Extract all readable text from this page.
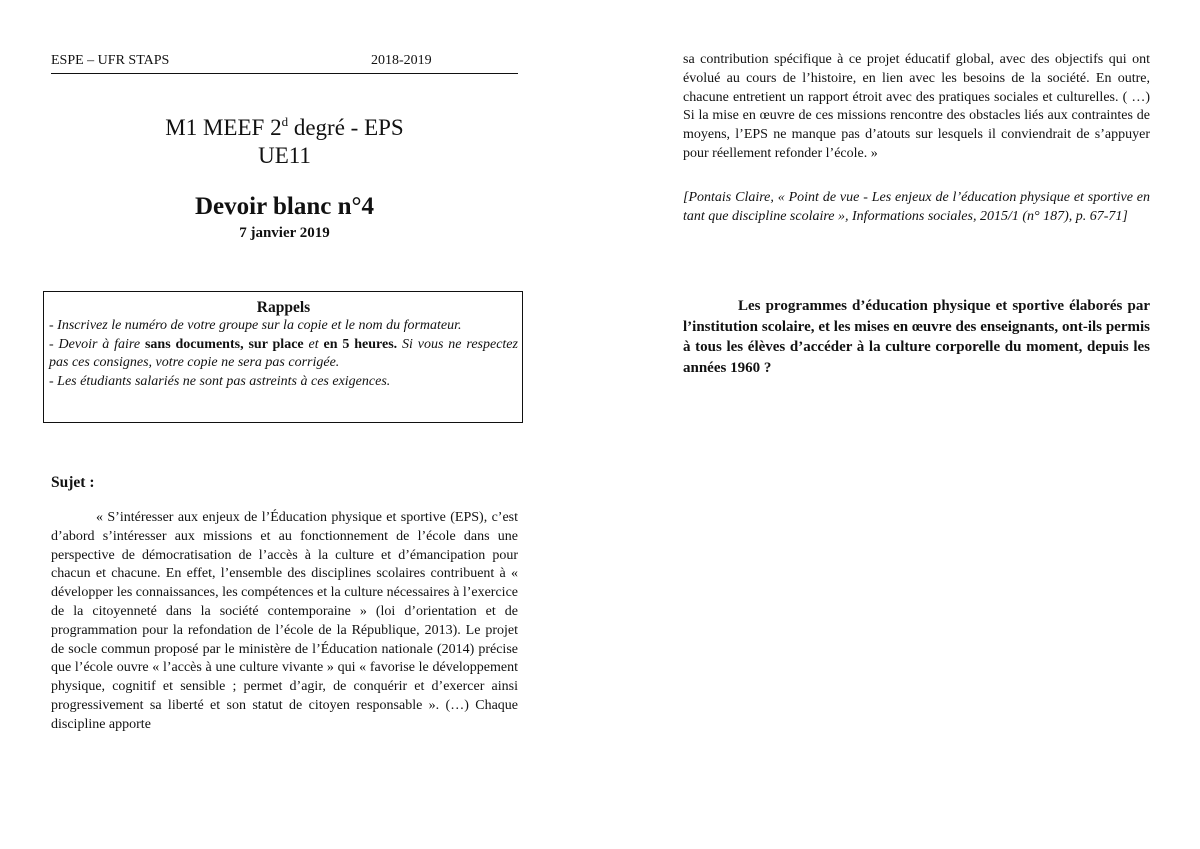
ESPE – UFR STAPS	2018-2019
M1 MEEF 2$^d$ degré - EPS
UE11
Devoir blanc n°4
7 janvier 2019
Rappels

- Inscrivez le numéro de votre groupe sur la copie et le nom du formateur.

- Devoir à faire sans documents, sur place et en 5 heures. Si vous ne respectez pas ces consignes, votre copie ne sera pas corrigée.

- Les étudiants salariés ne sont pas astreints à ces exigences.

Sujet :

« S’intéresser aux enjeux de l’Éducation physique et sportive (EPS), c’est d’abord s’intéresser aux missions et au fonctionnement de l’école dans une perspective de démocratisation de l’accès à la culture et d’émancipation pour chacun et chacune. En effet, l’ensemble des disciplines scolaires contribuent à « développer les connaissances, les compétences et la culture nécessaires à l’exercice de la citoyenneté dans la société contemporaine » (loi d’orientation et de programmation pour la refondation de l’école de la République, 2013). Le projet de socle commun proposé par le ministère de l’Éducation nationale (2014) précise que l’école ouvre « l’accès à une culture vivante » qui « favorise le développement physique, cognitif et sensible ; permet d’agir, de conquérir et d’exercer ainsi progressivement sa liberté et son statut de citoyen responsable ». (…) Chaque discipline apporte

sa contribution spécifique à ce projet éducatif global, avec des objectifs qui ont évolué au cours de l’histoire, en lien avec les besoins de la société. En outre, chacune entretient un rapport étroit avec des pratiques sociales et culturelles. ( …) Si la mise en œuvre de ces missions rencontre des obstacles liés aux contraintes de moyens, l’EPS ne manque pas d’atouts sur lesquels il conviendrait de s’appuyer pour réellement refonder l’école. »

[Pontais Claire, « Point de vue - Les enjeux de l’éducation physique et sportive en tant que discipline scolaire », Informations sociales, 2015/1 (n° 187), p. 67-71]

Les programmes d’éducation physique et sportive élaborés par l’institution scolaire, et les mises en œuvre des enseignants, ont-ils permis à tous les élèves d’accéder à la culture corporelle du moment, depuis les années 1960 ?
